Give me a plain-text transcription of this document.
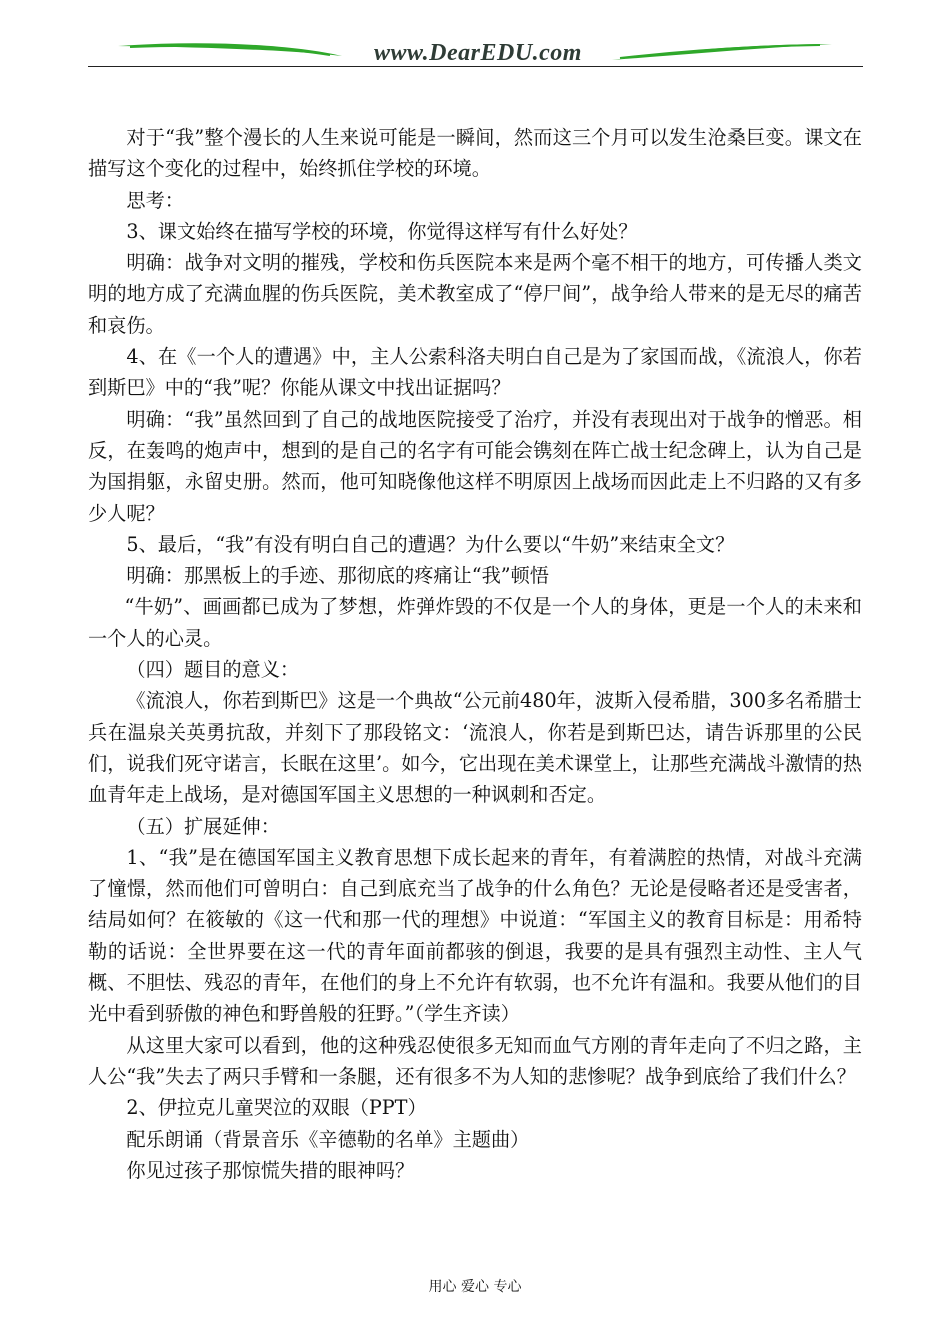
www.DearEDU.com

对于“我”整个漫长的人生来说可能是一瞬间，然而这三个月可以发生沧桑巨变。课文在描写这个变化的过程中，始终抓住学校的环境。

思考：

3、课文始终在描写学校的环境，你觉得这样写有什么好处？

明确：战争对文明的摧残，学校和伤兵医院本来是两个毫不相干的地方，可传播人类文明的地方成了充满血腥的伤兵医院，美术教室成了“停尸间”，战争给人带来的是无尽的痛苦和哀伤。

4、在《一个人的遭遇》中，主人公索科洛夫明白自己是为了家国而战，《流浪人，你若到斯巴》中的“我”呢？你能从课文中找出证据吗？

明确：“我”虽然回到了自己的战地医院接受了治疗，并没有表现出对于战争的憎恶。相反，在轰鸣的炮声中，想到的是自己的名字有可能会镌刻在阵亡战士纪念碑上，认为自己是为国捐躯，永留史册。然而，他可知晓像他这样不明原因上战场而因此走上不归路的又有多少人呢？

5、最后，“我”有没有明白自己的遭遇？为什么要以“牛奶”来结束全文？

明确：那黑板上的手迹、那彻底的疼痛让“我”顿悟

“牛奶”、画画都已成为了梦想，炸弹炸毁的不仅是一个人的身体，更是一个人的未来和一个人的心灵。

（四）题目的意义：

《流浪人，你若到斯巴》这是一个典故“公元前480年，波斯入侵希腊，300多名希腊士兵在温泉关英勇抗敌，并刻下了那段铭文：‘流浪人，你若是到斯巴达，请告诉那里的公民们，说我们死守诺言，长眠在这里’。如今，它出现在美术课堂上，让那些充满战斗激情的热血青年走上战场，是对德国军国主义思想的一种讽刺和否定。

（五）扩展延伸：

1、“我”是在德国军国主义教育思想下成长起来的青年，有着满腔的热情，对战斗充满了憧憬，然而他们可曾明白：自己到底充当了战争的什么角色？无论是侵略者还是受害者，结局如何？在筱敏的《这一代和那一代的理想》中说道：“军国主义的教育目标是：用希特勒的话说：全世界要在这一代的青年面前都骇的倒退，我要的是具有强烈主动性、主人气概、不胆怯、残忍的青年，在他们的身上不允许有软弱，也不允许有温和。我要从他们的目光中看到骄傲的神色和野兽般的狂野。”（学生齐读）

从这里大家可以看到，他的这种残忍使很多无知而血气方刚的青年走向了不归之路，主人公“我”失去了两只手臂和一条腿，还有很多不为人知的悲惨呢？战争到底给了我们什么？

2、伊拉克儿童哭泣的双眼（PPT）

配乐朗诵（背景音乐《辛德勒的名单》主题曲）

你见过孩子那惊慌失措的眼神吗？

用心 爱心 专心
